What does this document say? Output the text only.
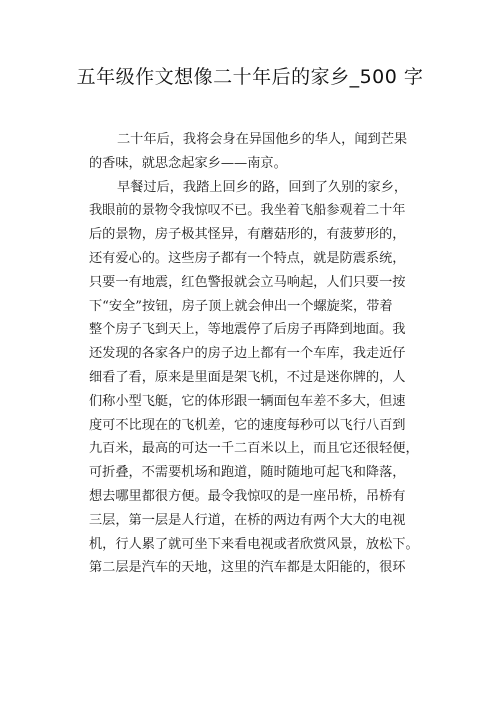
五年级作文想像二十年后的家乡_500 字
二十年后，我将会身在异国他乡的华人，闻到芒果
的香味，就思念起家乡——南京。
早餐过后，我踏上回乡的路，回到了久别的家乡，
我眼前的景物令我惊叹不已。我坐着飞船参观着二十年
后的景物，房子极其怪异，有蘑菇形的，有菠萝形的，
还有爱心的。这些房子都有一个特点，就是防震系统，
只要一有地震，红色警报就会立马响起，人们只要一按
下“安全”按钮，房子顶上就会伸出一个螺旋桨，带着
整个房子飞到天上，等地震停了后房子再降到地面。我
还发现的各家各户的房子边上都有一个车库，我走近仔
细看了看，原来是里面是架飞机，不过是迷你牌的，人
们称小型飞艇，它的体形跟一辆面包车差不多大，但速
度可不比现在的飞机差，它的速度每秒可以飞行八百到
九百米，最高的可达一千二百米以上，而且它还很轻便，
可折叠，不需要机场和跑道，随时随地可起飞和降落，
想去哪里都很方便。最令我惊叹的是一座吊桥，吊桥有
三层，第一层是人行道，在桥的两边有两个大大的电视
机，行人累了就可坐下来看电视或者欣赏风景，放松下。
第二层是汽车的天地，这里的汽车都是太阳能的，很环
